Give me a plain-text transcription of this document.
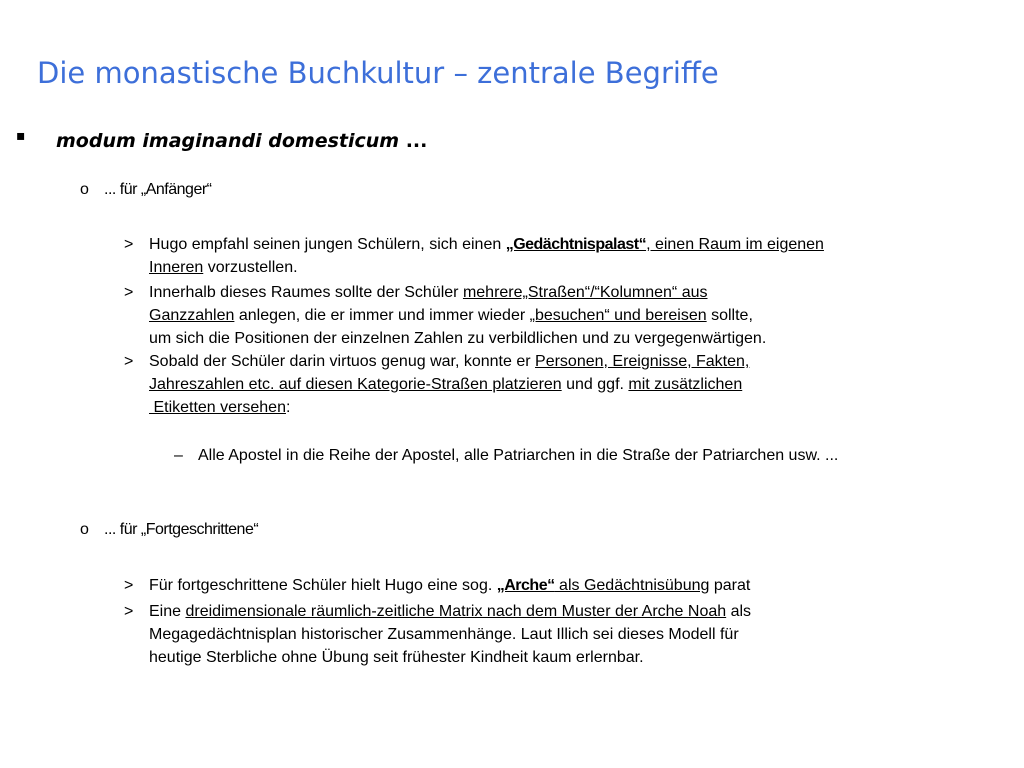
Die monastische Buchkultur – zentrale Begriffe
▪ modum imaginandi domesticum ...
o ... für „Anfänger“
> Hugo empfahl seinen jungen Schülern, sich einen „Gedächtnispalast“, einen Raum im eigenen
Inneren vorzustellen.
> Innerhalb dieses Raumes sollte der Schüler mehrere„Straßen“/“Kolumnen“ aus
Ganzzahlen anlegen, die er immer und immer wieder „besuchen“ und bereisen sollte,
um sich die Positionen der einzelnen Zahlen zu verbildlichen und zu vergegenwärtigen.
> Sobald der Schüler darin virtuos genug war, konnte er Personen, Ereignisse, Fakten,
Jahreszahlen etc. auf diesen Kategorie-Straßen platzieren und ggf. mit zusätzlichen
Etiketten versehen:
– Alle Apostel in die Reihe der Apostel, alle Patriarchen in die Straße der Patriarchen usw. ...
o ... für „Fortgeschrittene“
> Für fortgeschrittene Schüler hielt Hugo eine sog. „Arche“ als Gedächtnisübung parat
> Eine dreidimensionale räumlich-zeitliche Matrix nach dem Muster der Arche Noah als
Megagedächtnisplan historischer Zusammenhänge. Laut Illich sei dieses Modell für
heutige Sterbliche ohne Übung seit frühester Kindheit kaum erlernbar.
